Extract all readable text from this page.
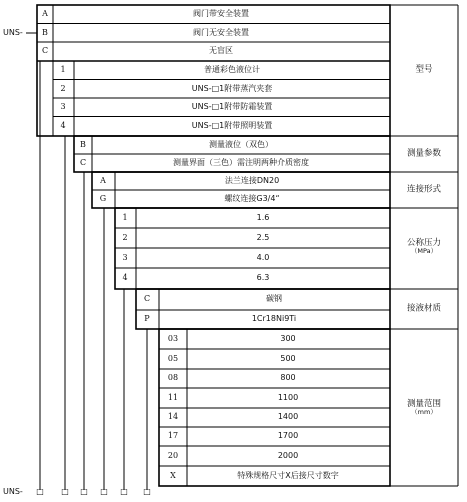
UNS-
UNS- □ □ □ □ □ □
A	阀门带安全装置
B	阀门无安全装置
C	无盲区
1	普通彩色液位计
2	UNS-□1附带蒸汽夹套
3	UNS-□1附带防霜装置
4	UNS-□1附带照明装置
型号
B	测量液位（双色）
C	测量界面（三色）需注明两种介质密度
测量参数
A	法兰连接DN20
G	螺纹连接G3/4“
连接形式
1	1.6
2	2.5
3	4.0
4	6.3
公称压力
（MPa）
C	碳钢
P	1Cr18Ni9Ti
接液材质
03	300
05	500
08	800
11	1100
14	1400
17	1700
20	2000
X	特殊规格尺寸X后接尺寸数字
测量范围
（mm）
